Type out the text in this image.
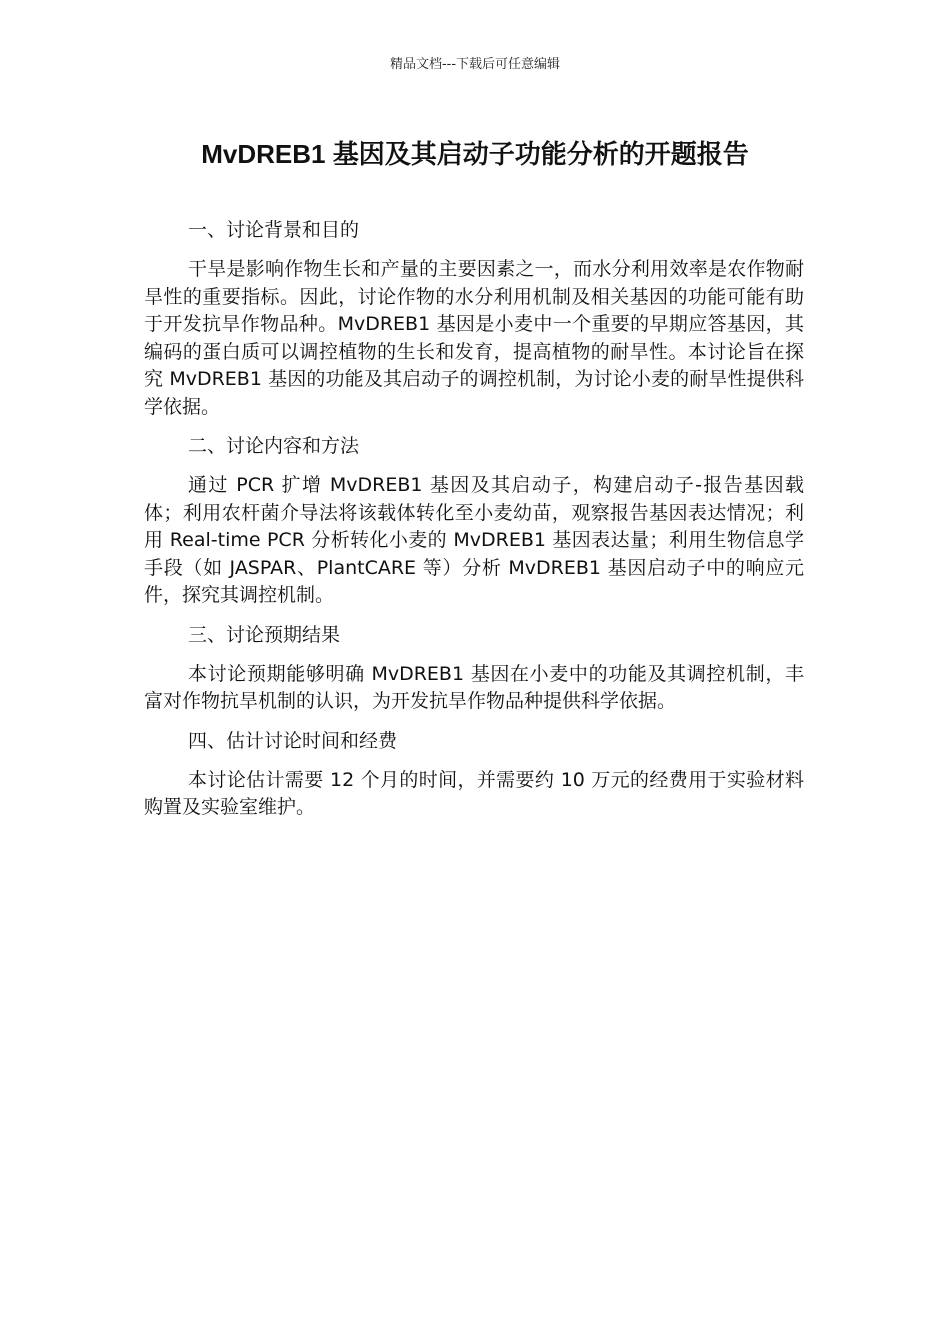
精品文档---下载后可任意编辑
MvDREB1 基因及其启动子功能分析的开题报告

一、讨论背景和目的

干旱是影响作物生长和产量的主要因素之一，而水分利用效率是农作物耐旱性的重要指标。因此，讨论作物的水分利用机制及相关基因的功能可能有助于开发抗旱作物品种。MvDREB1 基因是小麦中一个重要的早期应答基因，其编码的蛋白质可以调控植物的生长和发育，提高植物的耐旱性。本讨论旨在探究 MvDREB1 基因的功能及其启动子的调控机制，为讨论小麦的耐旱性提供科学依据。

二、讨论内容和方法

通过 PCR 扩增 MvDREB1 基因及其启动子，构建启动子-报告基因载体；利用农杆菌介导法将该载体转化至小麦幼苗，观察报告基因表达情况；利用 Real-time PCR 分析转化小麦的 MvDREB1 基因表达量；利用生物信息学手段（如 JASPAR、PlantCARE 等）分析 MvDREB1 基因启动子中的响应元件，探究其调控机制。

三、讨论预期结果

本讨论预期能够明确 MvDREB1 基因在小麦中的功能及其调控机制，丰富对作物抗旱机制的认识，为开发抗旱作物品种提供科学依据。

四、估计讨论时间和经费

本讨论估计需要 12 个月的时间，并需要约 10 万元的经费用于实验材料购置及实验室维护。
